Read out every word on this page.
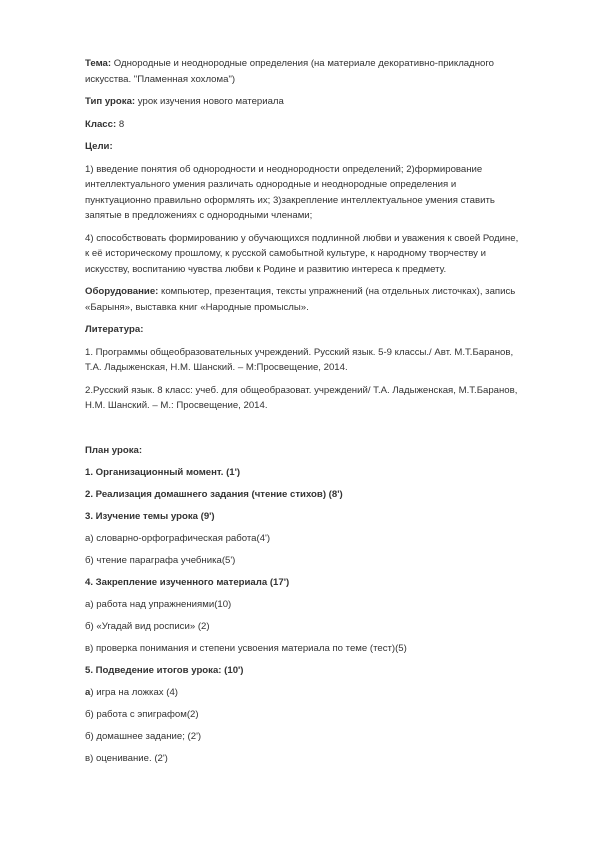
Тема: Однородные и неоднородные определения (на материале декоративно-прикладного искусства. "Пламенная хохлома")

Тип урока: урок изучения нового материала

Класс: 8

Цели:

1) введение понятия об однородности и неоднородности определений; 2)формирование интеллектуального умения различать однородные и неоднородные определения и пунктуационно правильно оформлять их; 3)закрепление интеллектуальное умения ставить запятые в предложениях с однородными членами;

4) способствовать формированию у обучающихся подлинной любви и уважения к своей Родине, к её историческому прошлому, к русской самобытной культуре, к народному творчеству и искусству, воспитанию чувства любви к Родине и развитию интереса к предмету.

Оборудование: компьютер, презентация, тексты упражнений (на отдельных листочках), запись «Барыня», выставка книг «Народные промыслы».

Литература:

1. Программы общеобразовательных учреждений. Русский язык. 5-9 классы./ Авт. М.Т.Баранов, Т.А. Ладыженская, Н.М. Шанский. – М:Просвещение, 2014.

2.Русский язык. 8 класс: учеб. для общеобразоват. учреждений/ Т.А. Ладыженская, М.Т.Баранов, Н.М. Шанский. – М.: Просвещение, 2014.

План урока:

1. Организационный момент. (1')

2. Реализация домашнего задания (чтение стихов) (8')

3. Изучение темы урока (9')

а) словарно-орфографическая работа(4')

б) чтение параграфа учебника(5')

4. Закрепление изученного материала (17')

а) работа над упражнениями(10)

б) «Угадай вид росписи» (2)

в) проверка понимания и степени усвоения материала по теме (тест)(5)

5. Подведение итогов урока: (10')

а) игра на ложках (4)

б) работа с эпиграфом(2)

б) домашнее задание; (2')

в) оценивание. (2')
